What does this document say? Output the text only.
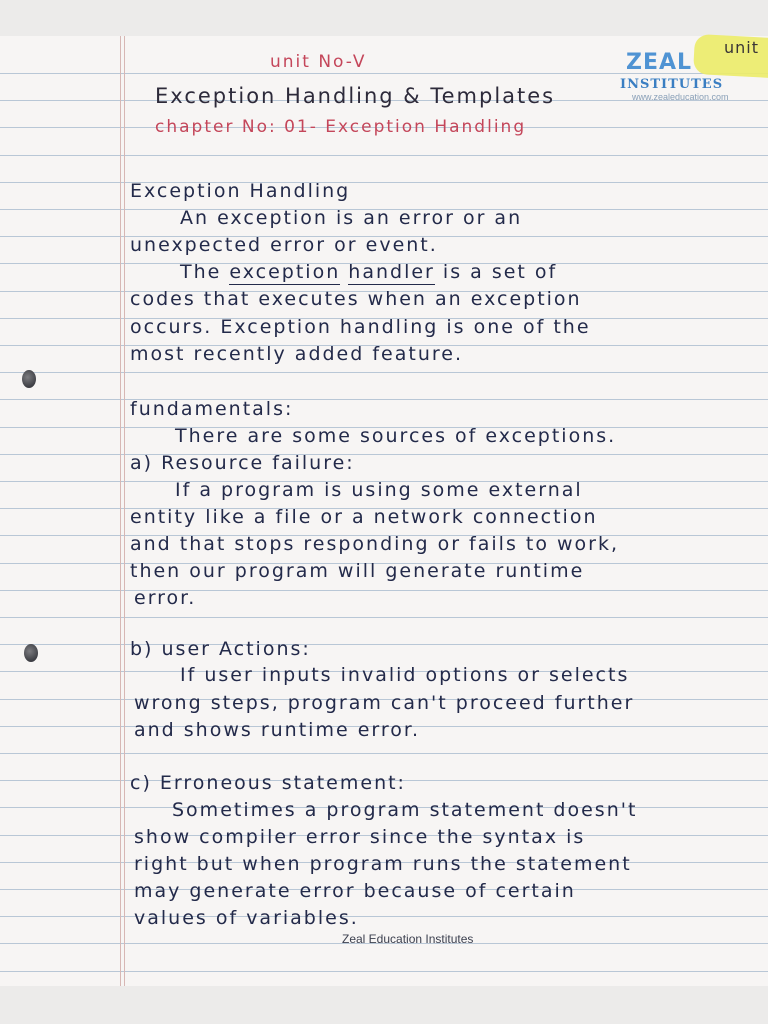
unit
unit No-V
Exception Handling & Templates
chapter No: 01- Exception Handling
ZEAL
INSTITUTES
www.zealeducation.com
Exception Handling
An exception is an error or an
unexpected error or event.
The exception handler is a set of
codes that executes when an exception
occurs. Exception handling is one of the
most recently added feature.
fundamentals:
There are some sources of exceptions.
a) Resource failure:
If a program is using some external
entity like a file or a network connection
and that stops responding or fails to work,
then our program will generate runtime
error.
b) user Actions:
If user inputs invalid options or selects
wrong steps, program can't proceed further
and shows runtime error.
c) Erroneous statement:
Sometimes a program statement doesn't
show compiler error since the syntax is
right but when program runs the statement
may generate error because of certain
values of variables.
Zeal Education Institutes
